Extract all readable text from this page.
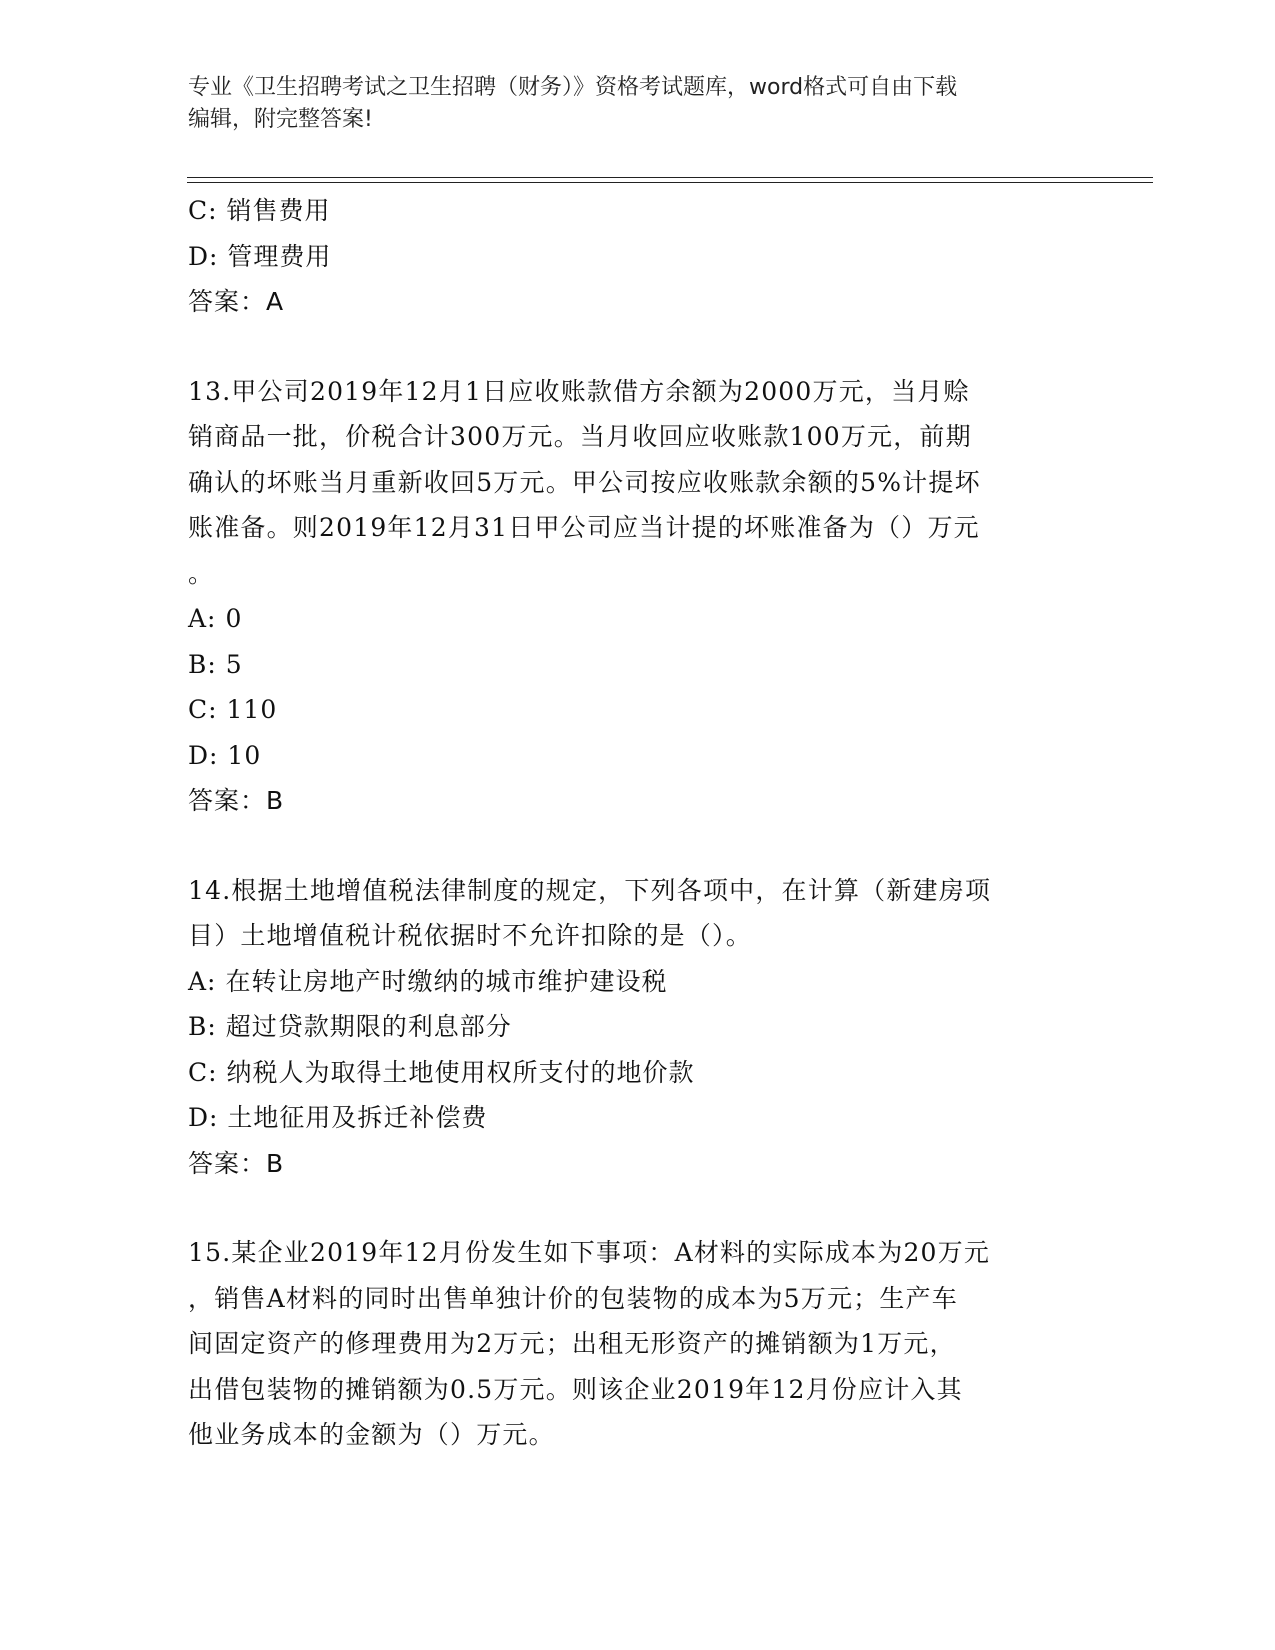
专业《卫生招聘考试之卫生招聘（财务）》资格考试题库，word格式可自由下载
编辑，附完整答案!
C: 销售费用
D: 管理费用
答案：A
13.甲公司2019年12月1日应收账款借方余额为2000万元，当月赊
销商品一批，价税合计300万元。当月收回应收账款100万元，前期
确认的坏账当月重新收回5万元。甲公司按应收账款余额的5%计提坏
账准备。则2019年12月31日甲公司应当计提的坏账准备为（）万元
。
A: 0
B: 5
C: 110
D: 10
答案：B
14.根据土地增值税法律制度的规定，下列各项中，在计算（新建房项
目）土地增值税计税依据时不允许扣除的是（）。
A: 在转让房地产时缴纳的城市维护建设税
B: 超过贷款期限的利息部分
C: 纳税人为取得土地使用权所支付的地价款
D: 土地征用及拆迁补偿费
答案：B
15.某企业2019年12月份发生如下事项：A材料的实际成本为20万元
，销售A材料的同时出售单独计价的包装物的成本为5万元；生产车
间固定资产的修理费用为2万元；出租无形资产的摊销额为1万元，
出借包装物的摊销额为0.5万元。则该企业2019年12月份应计入其
他业务成本的金额为（）万元。
